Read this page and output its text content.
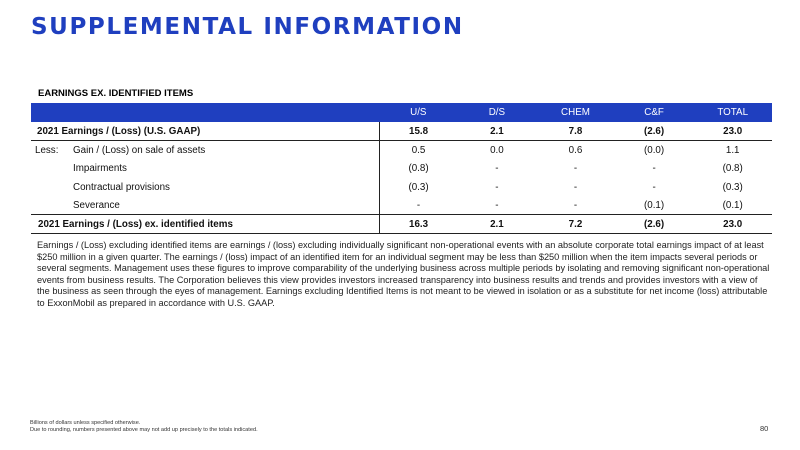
SUPPLEMENTAL INFORMATION
EARNINGS EX. IDENTIFIED ITEMS
	U/S	D/S	CHEM	C&F	TOTAL
2021 Earnings / (Loss) (U.S. GAAP)	15.8	2.1	7.8	(2.6)	23.0
Less: Gain / (Loss) on sale of assets	0.5	0.0	0.6	(0.0)	1.1
Impairments	(0.8)	-	-	-	(0.8)
Contractual provisions	(0.3)	-	-	-	(0.3)
Severance	-	-	-	(0.1)	(0.1)
2021 Earnings / (Loss) ex. identified items	16.3	2.1	7.2	(2.6)	23.0
Earnings / (Loss) excluding identified items are earnings / (loss) excluding individually significant non-operational events with an absolute corporate total earnings impact of at least $250 million in a given quarter. The earnings / (loss) impact of an identified item for an individual segment may be less than $250 million when the item impacts several periods or several segments. Management uses these figures to improve comparability of the underlying business across multiple periods by isolating and removing significant non-operational events from business results. The Corporation believes this view provides investors increased transparency into business results and trends and provides investors with a view of the business as seen through the eyes of management. Earnings excluding Identified Items is not meant to be viewed in isolation or as a substitute for net income (loss) attributable to ExxonMobil as prepared in accordance with U.S. GAAP.
Billions of dollars unless specified otherwise.
Due to rounding, numbers presented above may not add up precisely to the totals indicated.	80
